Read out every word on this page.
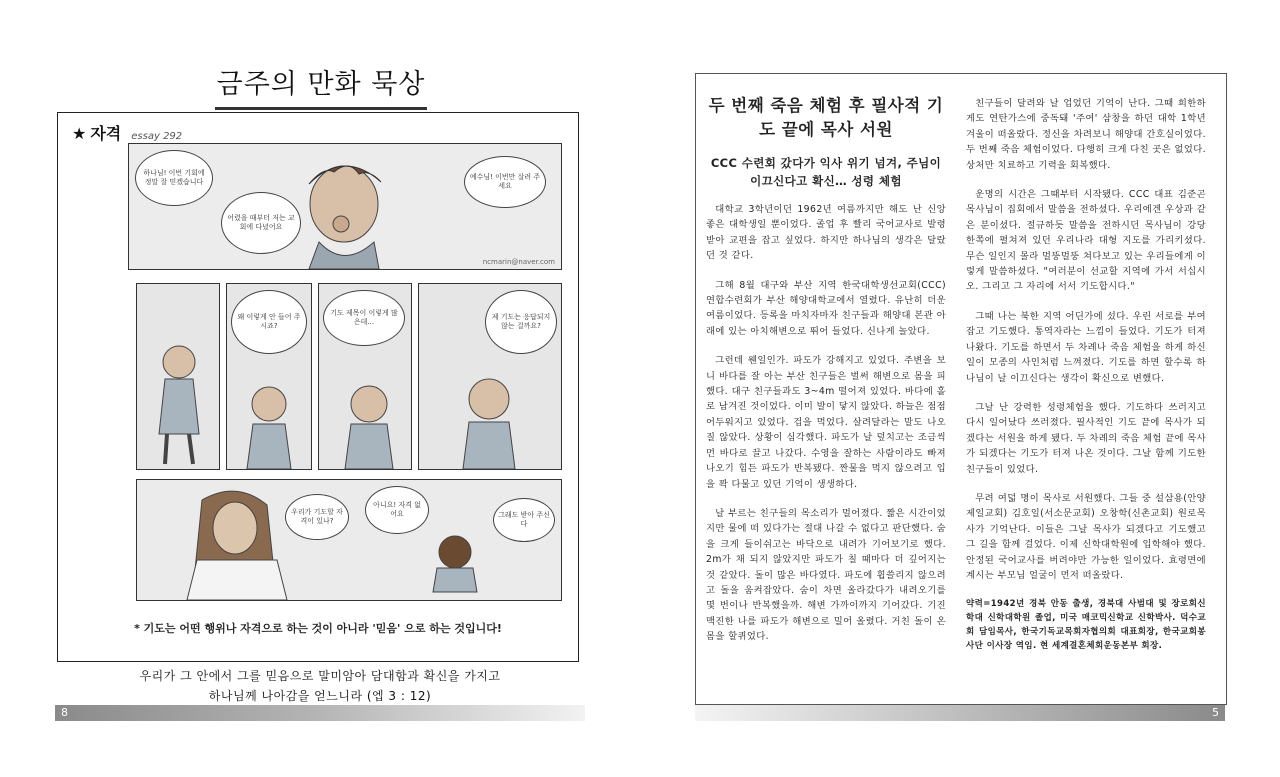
금주의 만화 묵상
★ 자격 essay 292
하나님! 이번 기회에 정말 잘 믿겠습니다
예수님! 이번만 살려 주세요
어렸을 때부터 저는 교회에 다녔어요
ncmarin@naver.com
왜 이렇게 안 들어 주시죠?
기도 제목이 이렇게 많은데...
제 기도는 응답되지 않는 걸까요?
우리가 기도할 자격이 있나?
아니요! 자격 없어요	그래도 받아 주신다
* 기도는 어떤 행위나 자격으로 하는 것이 아니라 '믿음' 으로 하는 것입니다!
우리가 그 안에서 그를 믿음으로 말미암아 담대함과 확신을 가지고
하나님께 나아감을 얻느니라 (엡 3 : 12)
8
두 번째 죽음 체험 후 필사적 기도 끝에 목사 서원
CCC 수련회 갔다가 익사 위기 넘겨, 주님이 이끄신다고 확신… 성령 체험

대학교 3학년이던 1962년 여름까지만 해도 난 신앙 좋은 대학생일 뿐이었다. 졸업 후 빨리 국어교사로 발령 받아 교편을 잡고 싶었다. 하지만 하나님의 생각은 달랐던 것 같다.

그해 8월 대구와 부산 지역 한국대학생선교회(CCC) 연합수련회가 부산 해양대학교에서 열렸다. 유난히 더운 여름이었다. 등록을 마치자마자 친구들과 해양대 본관 아래에 있는 아치해변으로 뛰어 들었다. 신나게 놀았다.

그런데 웬일인가. 파도가 강해지고 있었다. 주변을 보니 바다를 잘 아는 부산 친구들은 벌써 해변으로 몸을 피했다. 대구 친구들과도 3~4m 떨어져 있었다. 바다에 홀로 남겨진 것이었다. 이미 발이 닿지 않았다. 하늘은 점점 어두워지고 있었다. 겁을 먹었다. 살려달라는 말도 나오질 않았다. 상황이 심각했다. 파도가 날 덮치고는 조금씩 먼 바다로 끌고 나갔다. 수영을 잘하는 사람이라도 빠져 나오기 힘든 파도가 반복됐다. 짠물을 먹지 않으려고 입을 꽉 다물고 있던 기억이 생생하다.

날 부르는 친구들의 목소리가 멀어졌다. 짧은 시간이었지만 물에 떠 있다가는 절대 나갈 수 없다고 판단했다. 숨을 크게 들이쉬고는 바닥으로 내려가 기어보기로 했다. 2m가 채 되지 않았지만 파도가 칠 때마다 더 깊어지는 것 같았다. 돌이 많은 바다였다. 파도에 휩쓸리지 않으려고 돌을 움켜잡았다. 숨이 차면 올라갔다가 내려오기를 몇 번이나 반복했을까. 해변 가까이까지 기어갔다. 기진맥진한 나를 파도가 해변으로 밀어 올렸다. 거친 돌이 온몸을 할퀴었다.

친구들이 달려와 날 업었던 기억이 난다. 그때 희한하게도 연탄가스에 중독돼 '주여' 삼창을 하던 대학 1학년 겨울이 떠올랐다. 정신을 차려보니 해양대 간호실이었다. 두 번째 죽음 체험이었다. 다행히 크게 다친 곳은 없었다. 상처만 치료하고 기력을 회복했다.

운명의 시간은 그때부터 시작됐다. CCC 대표 김준곤 목사님이 집회에서 말씀을 전하셨다. 우리에겐 우상과 같은 분이셨다. 절규하듯 말씀을 전하시던 목사님이 강당 한쪽에 펼쳐져 있던 우리나라 대형 지도를 가리키셨다. 무슨 일인지 몰라 멀뚱멀뚱 쳐다보고 있는 우리들에게 이렇게 말씀하셨다. "여러분이 선교할 지역에 가서 서십시오. 그리고 그 자리에 서서 기도합시다."

그때 나는 북한 지역 어딘가에 섰다. 우린 서로를 부여잡고 기도했다. 통역자라는 느낌이 들었다. 기도가 터져 나왔다. 기도를 하면서 두 차례나 죽음 체험을 하게 하신 일이 모종의 사인처럼 느껴졌다. 기도를 하면 할수록 하나님이 날 이끄신다는 생각이 확신으로 변했다.

그날 난 강력한 성령체험을 했다. 기도하다 쓰러지고 다시 일어났다 쓰러졌다. 필사적인 기도 끝에 목사가 되겠다는 서원을 하게 됐다. 두 차례의 죽음 체험 끝에 목사가 되겠다는 기도가 터져 나온 것이다. 그날 함께 기도한 친구들이 있었다.

무려 여덟 명이 목사로 서원했다. 그들 중 설삼용(안양제일교회) 김호일(서소문교회) 오창학(신촌교회) 원로목사가 기억난다. 이들은 그날 목사가 되겠다고 기도했고 그 길을 함께 걸었다. 이제 신학대학원에 입학해야 했다. 안정된 국어교사를 버려야만 가능한 일이었다. 효령면에 계시는 부모님 얼굴이 먼저 떠올랐다.

약력=1942년 경북 안동 출생, 경북대 사범대 및 장로회신학대 신학대학원 졸업, 미국 매코믹신학교 신학박사. 덕수교회 담임목사, 한국기독교목회자협의회 대표회장, 한국교회봉사단 이사장 역임. 현 세계결혼체회운동본부 회장.

5
